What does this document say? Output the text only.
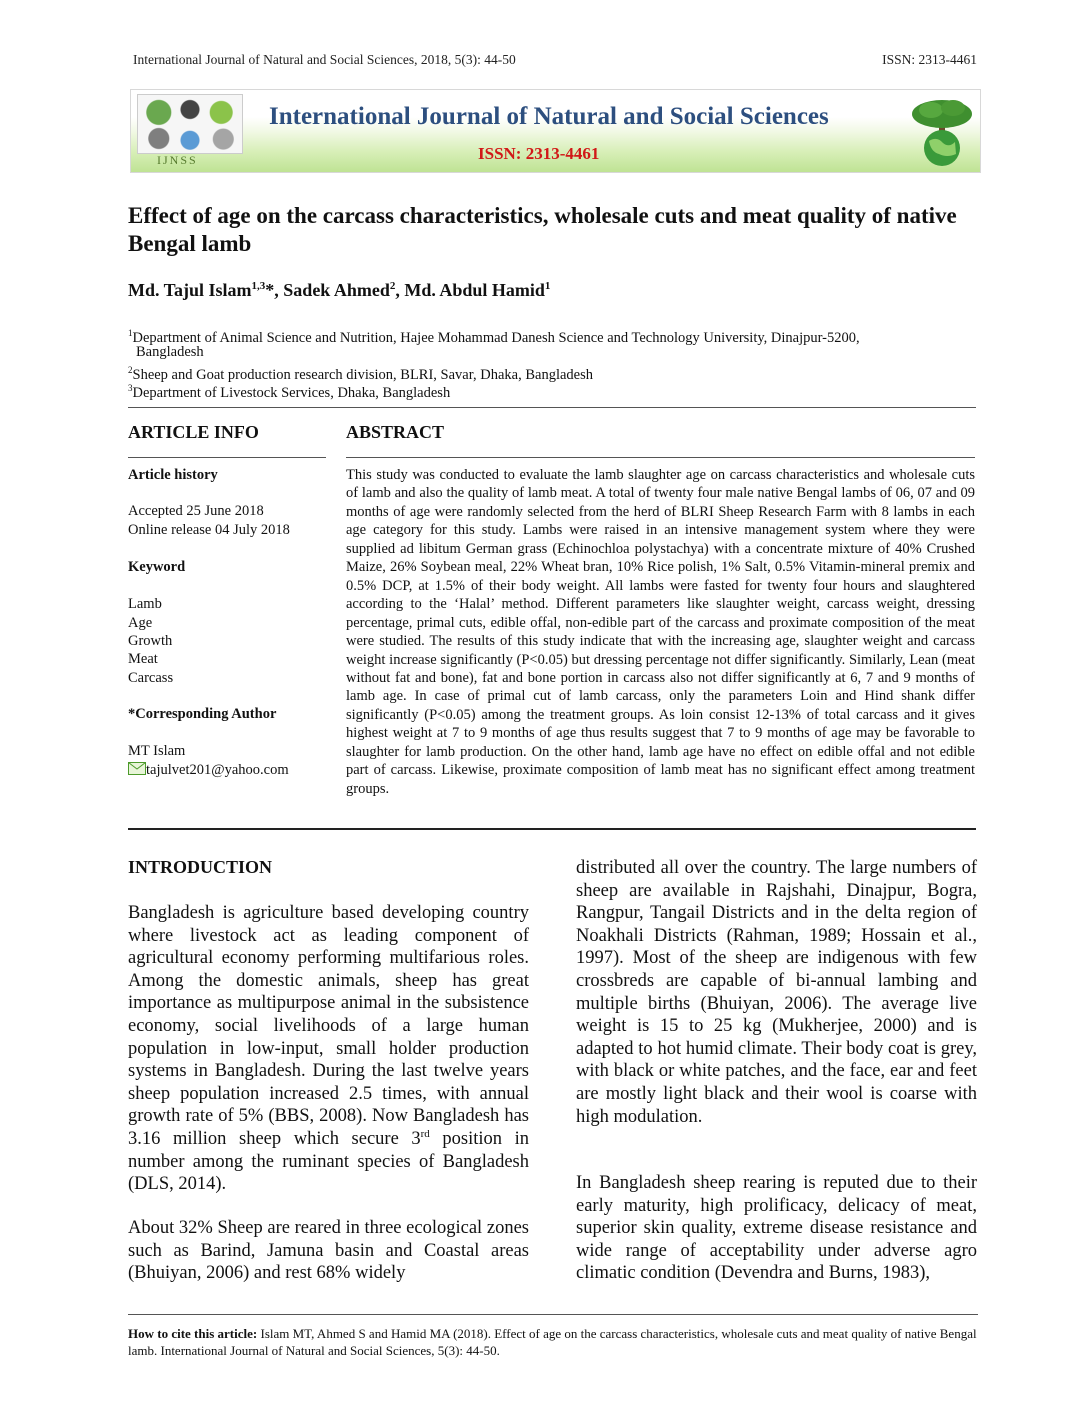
International Journal of Natural and Social Sciences, 2018, 5(3): 44-50	ISSN: 2313-4461
IJNSS
International Journal of Natural and Social Sciences
ISSN: 2313-4461
Effect of age on the carcass characteristics, wholesale cuts and meat quality of native Bengal lamb
Md. Tajul Islam$^{1,3}$*, Sadek Ahmed$^2$, Md. Abdul Hamid$^1$
$^1$Department of Animal Science and Nutrition, Hajee Mohammad Danesh Science and Technology University, Dinajpur-5200,
Bangladesh
$^2$Sheep and Goat production research division, BLRI, Savar, Dhaka, Bangladesh
$^3$Department of Livestock Services, Dhaka, Bangladesh
ARTICLE INFO
Article history
Accepted 25 June 2018
Online release 04 July 2018
Keyword
Lamb
Age
Growth
Meat
Carcass
*Corresponding Author
MT Islam
tajulvet201@yahoo.com
ABSTRACT
This study was conducted to evaluate the lamb slaughter age on carcass characteristics and wholesale cuts of lamb and also the quality of lamb meat. A total of twenty four male native Bengal lambs of 06, 07 and 09 months of age were randomly selected from the herd of BLRI Sheep Research Farm with 8 lambs in each age category for this study. Lambs were raised in an intensive management system where they were supplied ad libitum German grass (Echinochloa polystachya) with a concentrate mixture of 40% Crushed Maize, 26% Soybean meal, 22% Wheat bran, 10% Rice polish, 1% Salt, 0.5% Vitamin-mineral premix and 0.5% DCP, at 1.5% of their body weight. All lambs were fasted for twenty four hours and slaughtered according to the ‘Halal’ method. Different parameters like slaughter weight, carcass weight, dressing percentage, primal cuts, edible offal, non-edible part of the carcass and proximate composition of the meat were studied. The results of this study indicate that with the increasing age, slaughter weight and carcass weight increase significantly (P<0.05) but dressing percentage not differ significantly. Similarly, Lean (meat without fat and bone), fat and bone portion in carcass also not differ significantly at 6, 7 and 9 months of lamb age. In case of primal cut of lamb carcass, only the parameters Loin and Hind shank differ significantly (P<0.05) among the treatment groups. As loin consist 12-13% of total carcass and it gives highest weight at 7 to 9 months of age thus results suggest that 7 to 9 months of age may be favorable to slaughter for lamb production. On the other hand, lamb age have no effect on edible offal and not edible part of carcass. Likewise, proximate composition of lamb meat has no significant effect among treatment groups.
INTRODUCTION

Bangladesh is agriculture based developing country where livestock act as leading component of agricultural economy performing multifarious roles. Among the domestic animals, sheep has great importance as multipurpose animal in the subsistence economy, social livelihoods of a large human population in low-input, small holder production systems in Bangladesh. During the last twelve years sheep population increased 2.5 times, with annual growth rate of 5% (BBS, 2008). Now Bangladesh has 3.16 million sheep which secure 3rd position in number among the ruminant species of Bangladesh (DLS, 2014).

About 32% Sheep are reared in three ecological zones such as Barind, Jamuna basin and Coastal areas (Bhuiyan, 2006) and rest 68% widely

distributed all over the country. The large numbers of sheep are available in Rajshahi, Dinajpur, Bogra, Rangpur, Tangail Districts and in the delta region of Noakhali Districts (Rahman, 1989; Hossain et al., 1997). Most of the sheep are indigenous with few crossbreds are capable of bi-annual lambing and multiple births (Bhuiyan, 2006). The average live weight is 15 to 25 kg (Mukherjee, 2000) and is adapted to hot humid climate. Their body coat is grey, with black or white patches, and the face, ear and feet are mostly light black and their wool is coarse with high modulation.

In Bangladesh sheep rearing is reputed due to their early maturity, high prolificacy, delicacy of meat, superior skin quality, extreme disease resistance and wide range of acceptability under adverse agro climatic condition (Devendra and Burns, 1983),

How to cite this article: Islam MT, Ahmed S and Hamid MA (2018). Effect of age on the carcass characteristics, wholesale cuts and meat quality of native Bengal lamb. International Journal of Natural and Social Sciences, 5(3): 44-50.
